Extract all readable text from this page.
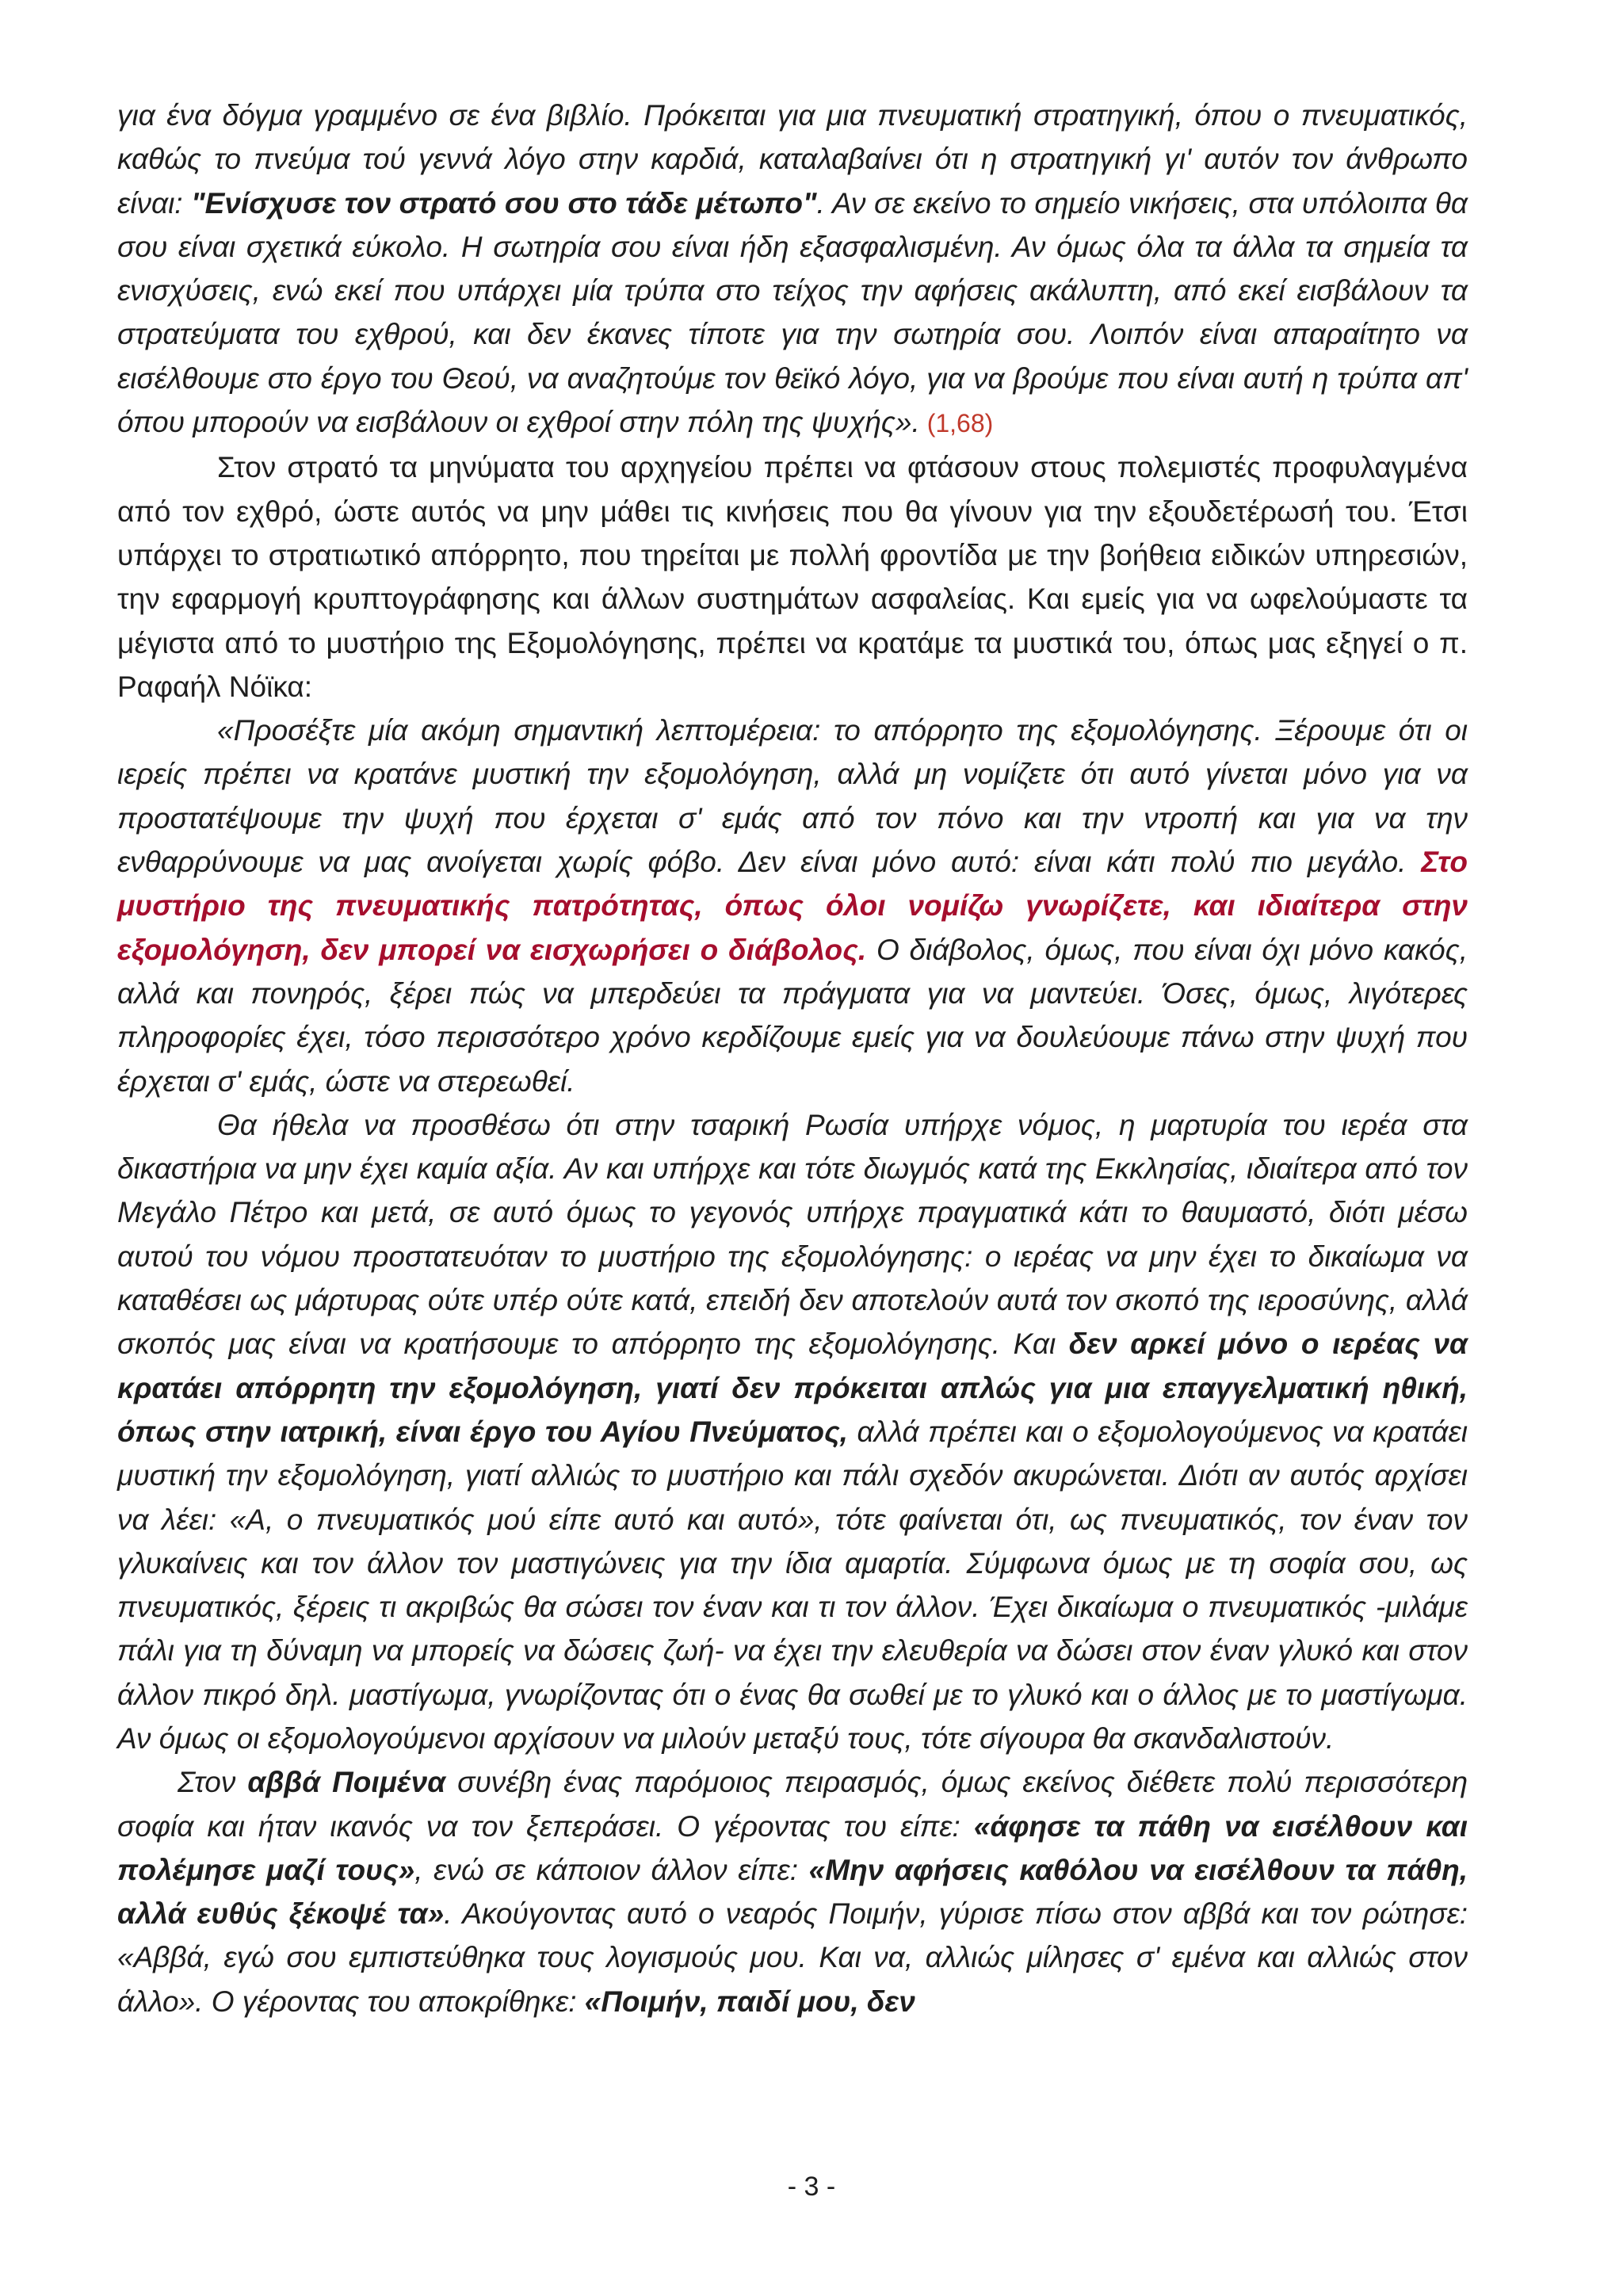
για ένα δόγμα γραμμένο σε ένα βιβλίο. Πρόκειται για μια πνευματική στρατηγική, όπου ο πνευματικός, καθώς το πνεύμα τού γεννά λόγο στην καρδιά, καταλαβαίνει ότι η στρατηγική γι' αυτόν τον άνθρωπο είναι: "Ενίσχυσε τον στρατό σου στο τάδε μέτωπο". Αν σε εκείνο το σημείο νικήσεις, στα υπόλοιπα θα σου είναι σχετικά εύκολο. Η σωτηρία σου είναι ήδη εξασφαλισμένη. Αν όμως όλα τα άλλα τα σημεία τα ενισχύσεις, ενώ εκεί που υπάρχει μία τρύπα στο τείχος την αφήσεις ακάλυπτη, από εκεί εισβάλουν τα στρατεύματα του εχθρού, και δεν έκανες τίποτε για την σωτηρία σου. Λοιπόν είναι απαραίτητο να εισέλθουμε στο έργο του Θεού, να αναζητούμε τον θεϊκό λόγο, για να βρούμε που είναι αυτή η τρύπα απ' όπου μπορούν να εισβάλουν οι εχθροί στην πόλη της ψυχής». (1,68)

Στον στρατό τα μηνύματα του αρχηγείου πρέπει να φτάσουν στους πολεμιστές προφυλαγμένα από τον εχθρό, ώστε αυτός να μην μάθει τις κινήσεις που θα γίνουν για την εξουδετέρωσή του. Έτσι υπάρχει το στρατιωτικό απόρρητο, που τηρείται με πολλή φροντίδα με την βοήθεια ειδικών υπηρεσιών, την εφαρμογή κρυπτογράφησης και άλλων συστημάτων ασφαλείας. Και εμείς για να ωφελούμαστε τα μέγιστα από το μυστήριο της Εξομολόγησης, πρέπει να κρατάμε τα μυστικά του, όπως μας εξηγεί ο π. Ραφαήλ Νόϊκα:

«Προσέξτε μία ακόμη σημαντική λεπτομέρεια: το απόρρητο της εξομολόγησης. Ξέρουμε ότι οι ιερείς πρέπει να κρατάνε μυστική την εξομολόγηση, αλλά μη νομίζετε ότι αυτό γίνεται μόνο για να προστατέψουμε την ψυχή που έρχεται σ' εμάς από τον πόνο και την ντροπή και για να την ενθαρρύνουμε να μας ανοίγεται χωρίς φόβο. Δεν είναι μόνο αυτό: είναι κάτι πολύ πιο μεγάλο. Στο μυστήριο της πνευματικής πατρότητας, όπως όλοι νομίζω γνωρίζετε, και ιδιαίτερα στην εξομολόγηση, δεν μπορεί να εισχωρήσει ο διάβολος. Ο διάβολος, όμως, που είναι όχι μόνο κακός, αλλά και πονηρός, ξέρει πώς να μπερδεύει τα πράγματα για να μαντεύει. Όσες, όμως, λιγότερες πληροφορίες έχει, τόσο περισσότερο χρόνο κερδίζουμε εμείς για να δουλεύουμε πάνω στην ψυχή που έρχεται σ' εμάς, ώστε να στερεωθεί.

Θα ήθελα να προσθέσω ότι στην τσαρική Ρωσία υπήρχε νόμος, η μαρτυρία του ιερέα στα δικαστήρια να μην έχει καμία αξία. Αν και υπήρχε και τότε διωγμός κατά της Εκκλησίας, ιδιαίτερα από τον Μεγάλο Πέτρο και μετά, σε αυτό όμως το γεγονός υπήρχε πραγματικά κάτι το θαυμαστό, διότι μέσω αυτού του νόμου προστατευόταν το μυστήριο της εξομολόγησης: ο ιερέας να μην έχει το δικαίωμα να καταθέσει ως μάρτυρας ούτε υπέρ ούτε κατά, επειδή δεν αποτελούν αυτά τον σκοπό της ιεροσύνης, αλλά σκοπός μας είναι να κρατήσουμε το απόρρητο της εξομολόγησης. Και δεν αρκεί μόνο ο ιερέας να κρατάει απόρρητη την εξομολόγηση, γιατί δεν πρόκειται απλώς για μια επαγγελματική ηθική, όπως στην ιατρική, είναι έργο του Αγίου Πνεύματος, αλλά πρέπει και ο εξομολογούμενος να κρατάει μυστική την εξομολόγηση, γιατί αλλιώς το μυστήριο και πάλι σχεδόν ακυρώνεται. Διότι αν αυτός αρχίσει να λέει: «Α, ο πνευματικός μού είπε αυτό και αυτό», τότε φαίνεται ότι, ως πνευματικός, τον έναν τον γλυκαίνεις και τον άλλον τον μαστιγώνεις για την ίδια αμαρτία. Σύμφωνα όμως με τη σοφία σου, ως πνευματικός, ξέρεις τι ακριβώς θα σώσει τον έναν και τι τον άλλον. Έχει δικαίωμα ο πνευματικός -μιλάμε πάλι για τη δύναμη να μπορείς να δώσεις ζωή- να έχει την ελευθερία να δώσει στον έναν γλυκό και στον άλλον πικρό δηλ. μαστίγωμα, γνωρίζοντας ότι ο ένας θα σωθεί με το γλυκό και ο άλλος με το μαστίγωμα. Αν όμως οι εξομολογούμενοι αρχίσουν να μιλούν μεταξύ τους, τότε σίγουρα θα σκανδαλιστούν.

Στον αββά Ποιμένα συνέβη ένας παρόμοιος πειρασμός, όμως εκείνος διέθετε πολύ περισσότερη σοφία και ήταν ικανός να τον ξεπεράσει. Ο γέροντας του είπε: «άφησε τα πάθη να εισέλθουν και πολέμησε μαζί τους», ενώ σε κάποιον άλλον είπε: «Μην αφήσεις καθόλου να εισέλθουν τα πάθη, αλλά ευθύς ξέκοψέ τα». Ακούγοντας αυτό ο νεαρός Ποιμήν, γύρισε πίσω στον αββά και τον ρώτησε: «Αββά, εγώ σου εμπιστεύθηκα τους λογισμούς μου. Και να, αλλιώς μίλησες σ' εμένα και αλλιώς στον άλλο». Ο γέροντας του αποκρίθηκε: «Ποιμήν, παιδί μου, δεν

- 3 -
